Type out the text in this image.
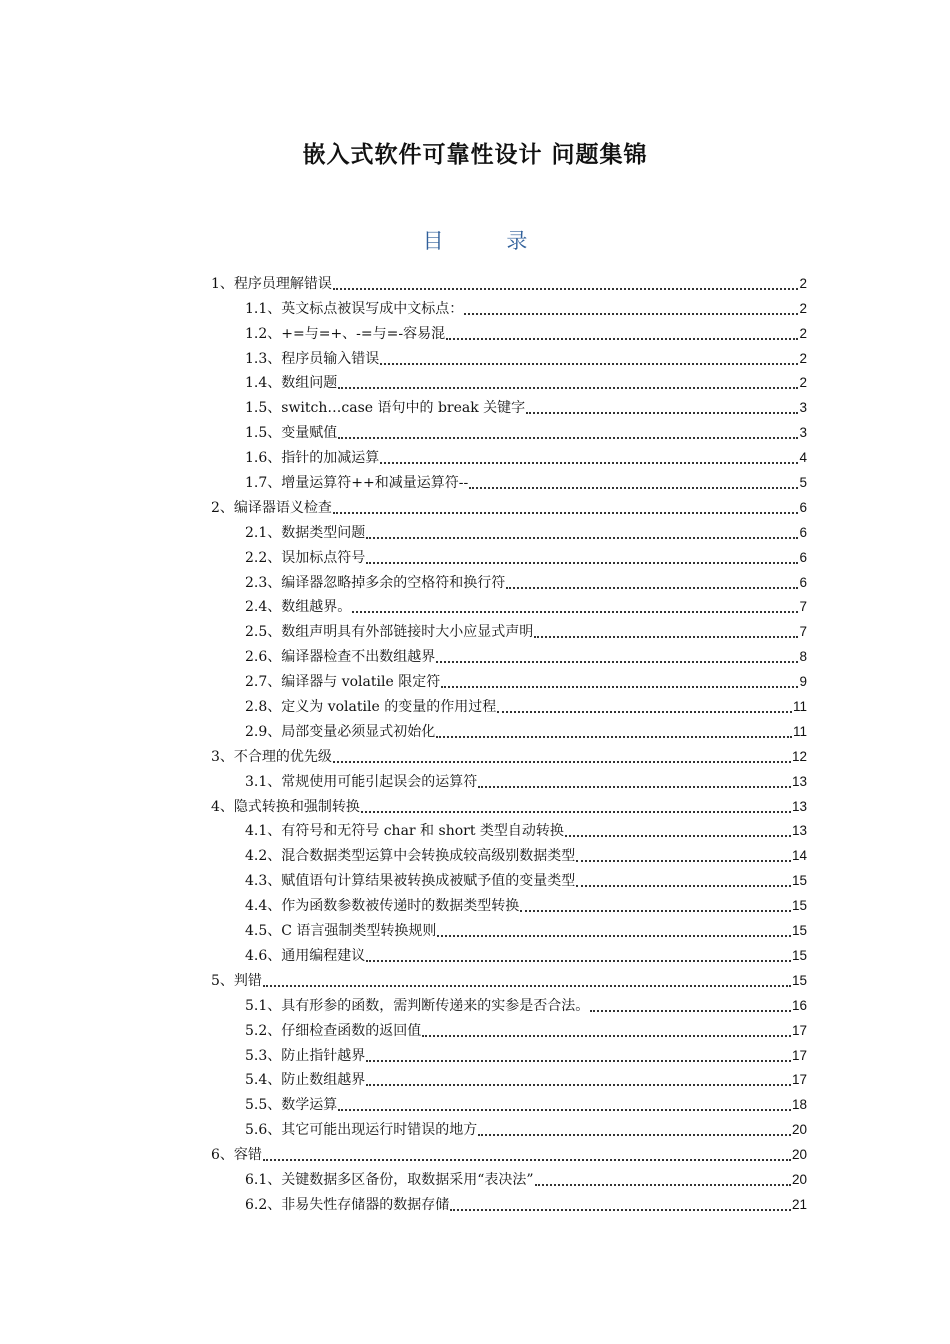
嵌入式软件可靠性设计 问题集锦
目 录
1、程序员理解错误	2
1.1、英文标点被误写成中文标点：	2
1.2、+=与=+、-=与=-容易混	2
1.3、程序员输入错误	2
1.4、数组问题	2
1.5、switch…case 语句中的 break 关键字	3
1.5、变量赋值	3
1.6、指针的加减运算	4
1.7、增量运算符++和减量运算符--	5
2、编译器语义检查	6
2.1、数据类型问题	6
2.2、误加标点符号	6
2.3、编译器忽略掉多余的空格符和换行符	6
2.4、数组越界。	7
2.5、数组声明具有外部链接时大小应显式声明	7
2.6、编译器检查不出数组越界	8
2.7、编译器与 volatile 限定符	9
2.8、定义为 volatile 的变量的作用过程	11
2.9、局部变量必须显式初始化	11
3、不合理的优先级	12
3.1、常规使用可能引起误会的运算符	13
4、隐式转换和强制转换	13
4.1、有符号和无符号 char 和 short 类型自动转换	13
4.2、混合数据类型运算中会转换成较高级别数据类型	14
4.3、赋值语句计算结果被转换成被赋予值的变量类型	15
4.4、作为函数参数被传递时的数据类型转换	15
4.5、C 语言强制类型转换规则	15
4.6、通用编程建议	15
5、判错	15
5.1、具有形参的函数，需判断传递来的实参是否合法。	16
5.2、仔细检查函数的返回值	17
5.3、防止指针越界	17
5.4、防止数组越界	17
5.5、数学运算	18
5.6、其它可能出现运行时错误的地方	20
6、容错	20
6.1、关键数据多区备份，取数据采用“表决法”	20
6.2、非易失性存储器的数据存储	21
